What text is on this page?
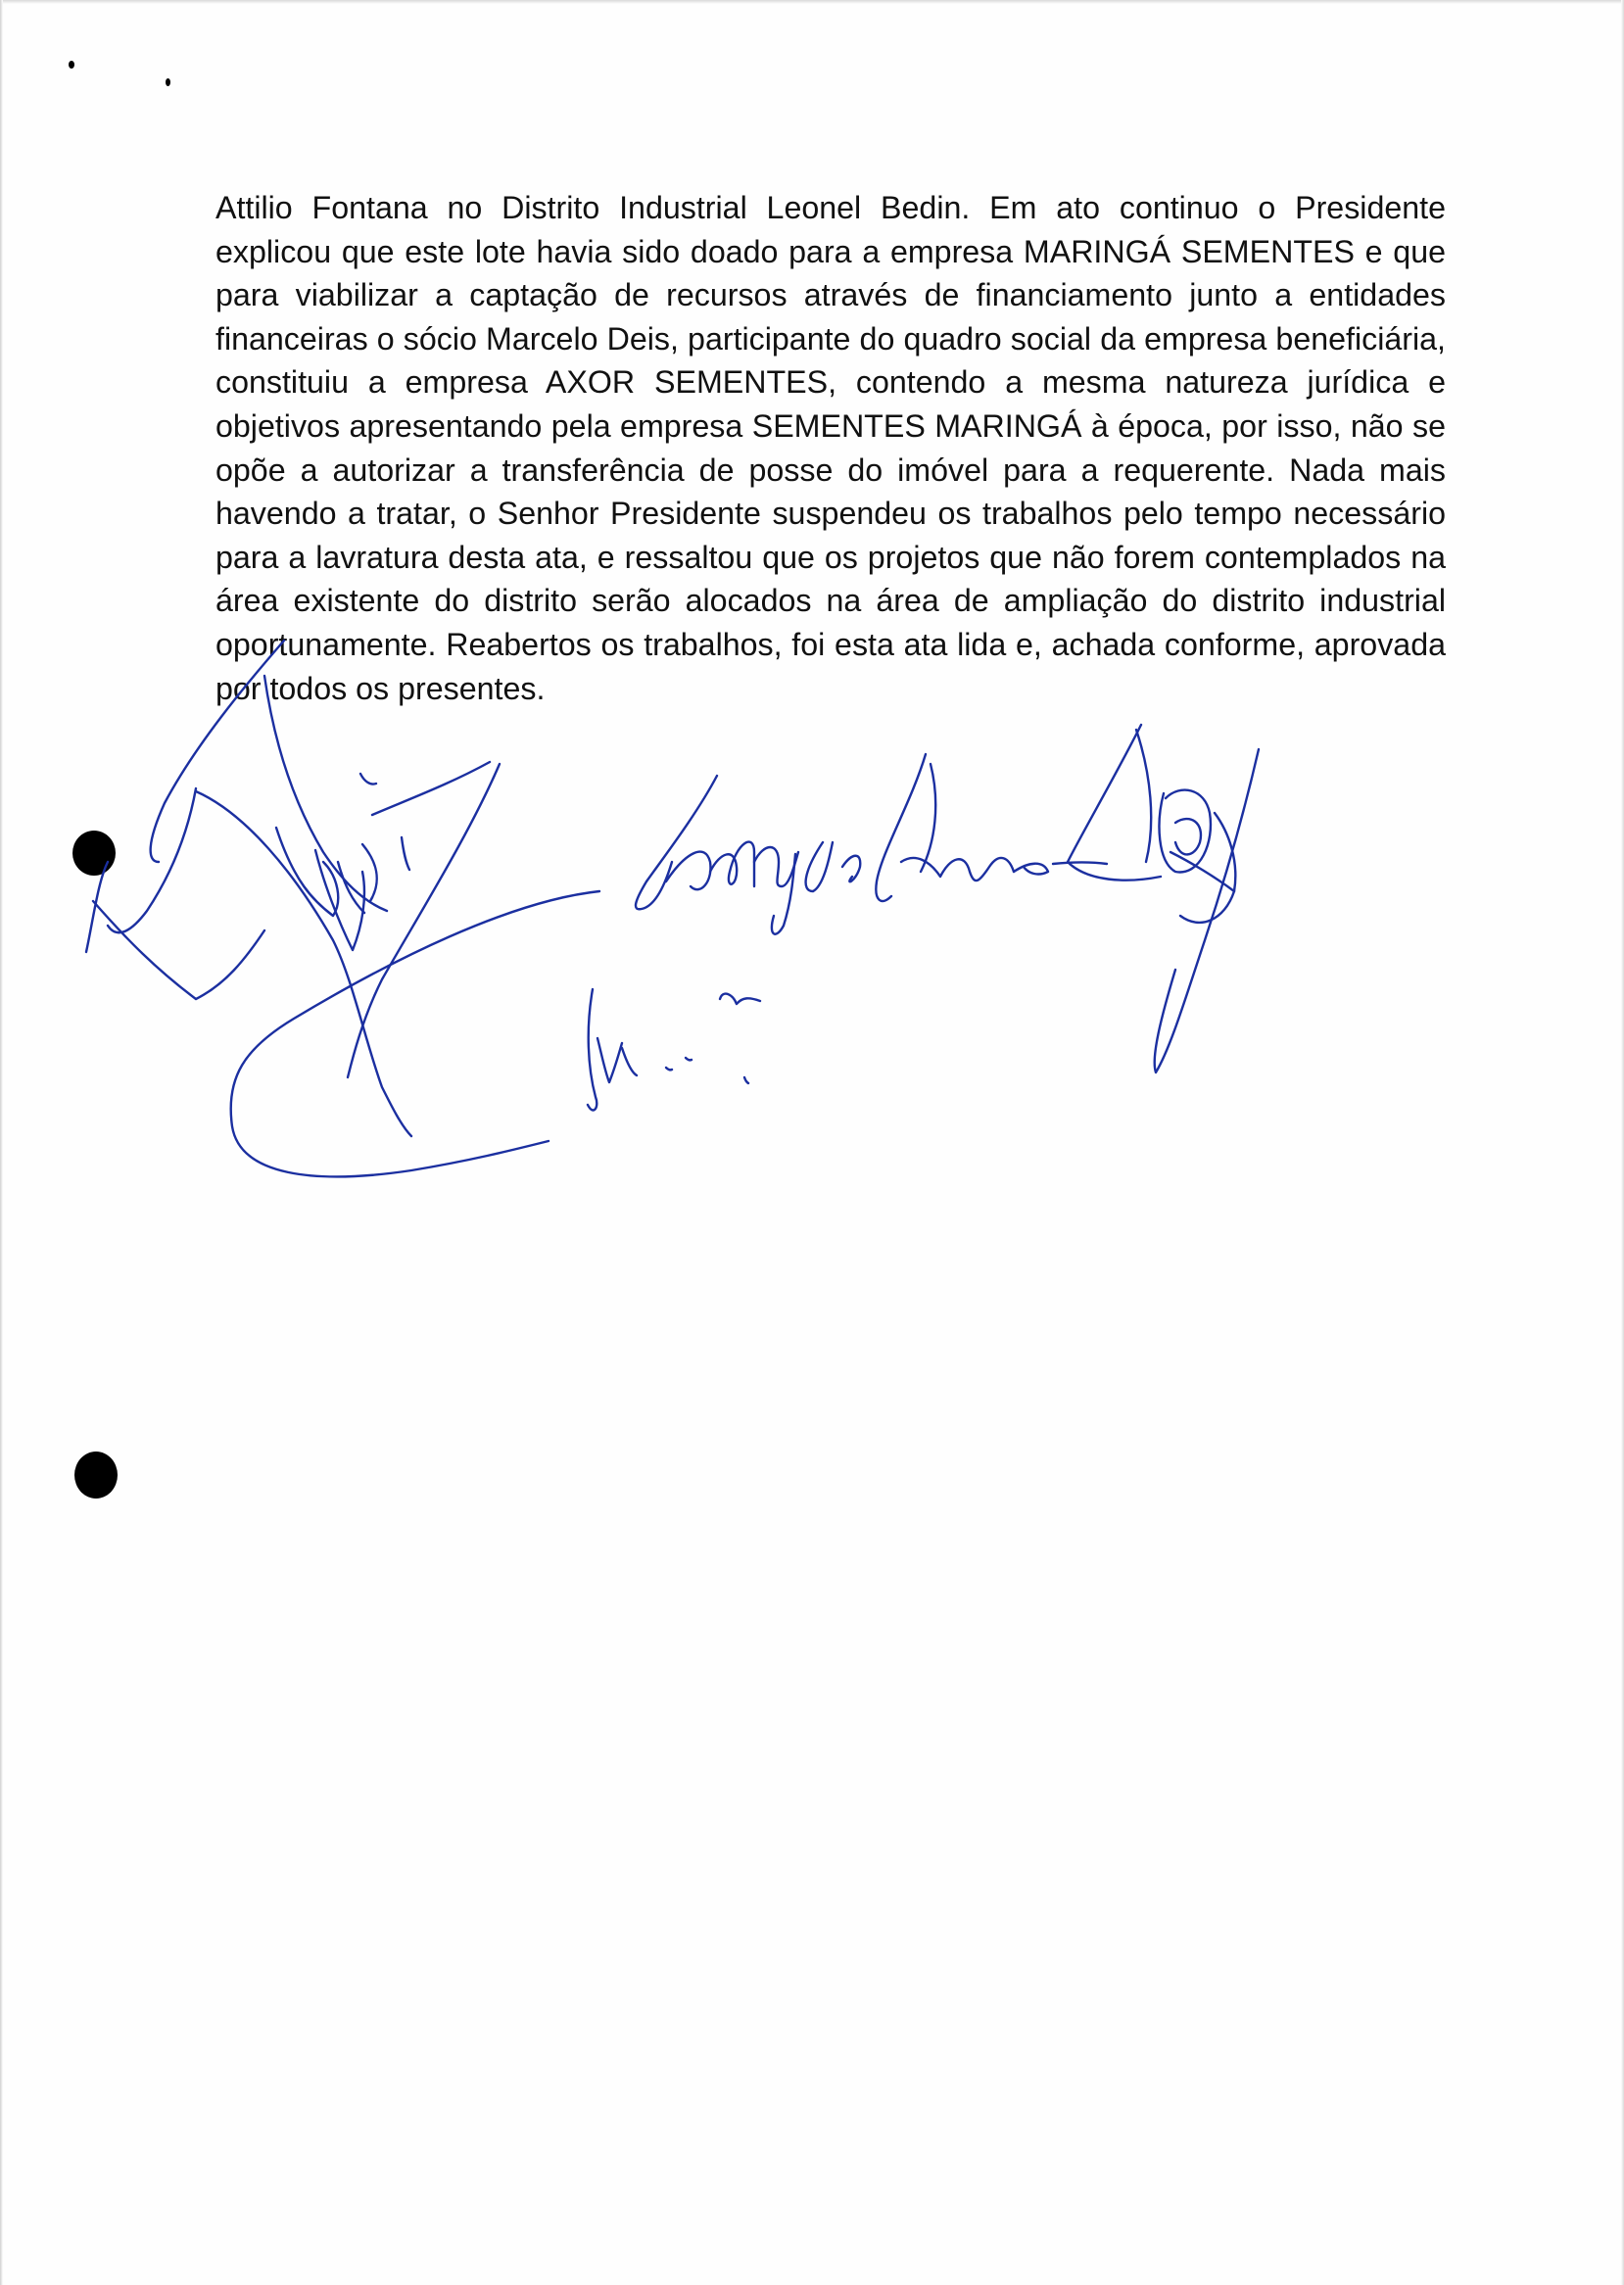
Attilio Fontana no Distrito Industrial Leonel Bedin. Em ato continuo o Presidente explicou que este lote havia sido doado para a empresa MARINGÁ SEMENTES e que para viabilizar a captação de recursos através de financiamento junto a entidades financeiras o sócio Marcelo Deis, participante do quadro social da empresa beneficiária, constituiu a empresa AXOR SEMENTES, contendo a mesma natureza jurídica e objetivos apresentando pela empresa SEMENTES MARINGÁ à época, por isso, não se opõe a autorizar a transferência de posse do imóvel para a requerente. Nada mais havendo a tratar, o Senhor Presidente suspendeu os trabalhos pelo tempo necessário para a lavratura desta ata, e ressaltou que os projetos que não forem contemplados na área existente do distrito serão alocados na área de ampliação do distrito industrial oportunamente. Reabertos os trabalhos, foi esta ata lida e, achada conforme, aprovada por todos os presentes.
